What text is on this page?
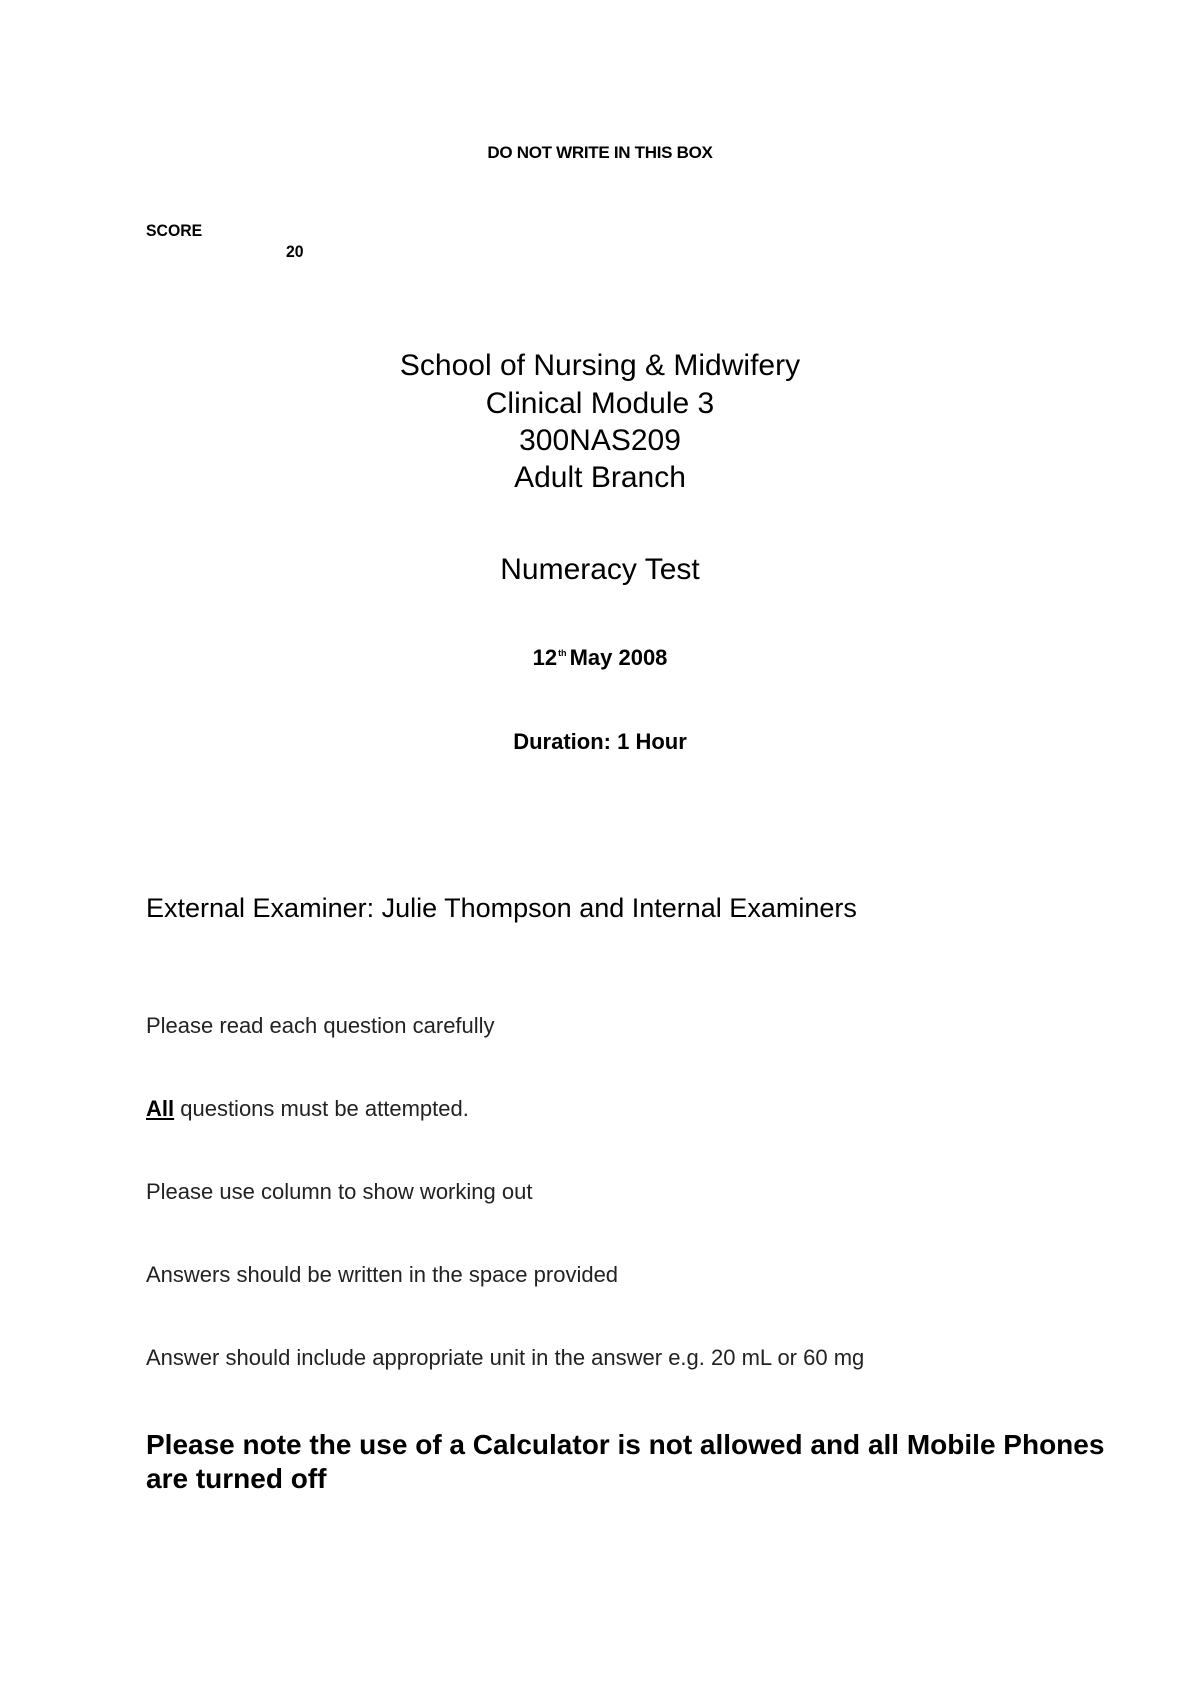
DO NOT WRITE IN THIS BOX
SCORE
20
School of Nursing & Midwifery
Clinical Module 3
300NAS209
Adult Branch
Numeracy Test
12th May 2008
Duration: 1 Hour
External Examiner: Julie Thompson and Internal Examiners
Please read each question carefully
All questions must be attempted.
Please use column to show working out
Answers should be written in the space provided
Answer should include appropriate unit in the answer e.g. 20 mL or 60 mg
Please note the use of a Calculator is not allowed and all Mobile Phones are turned off
